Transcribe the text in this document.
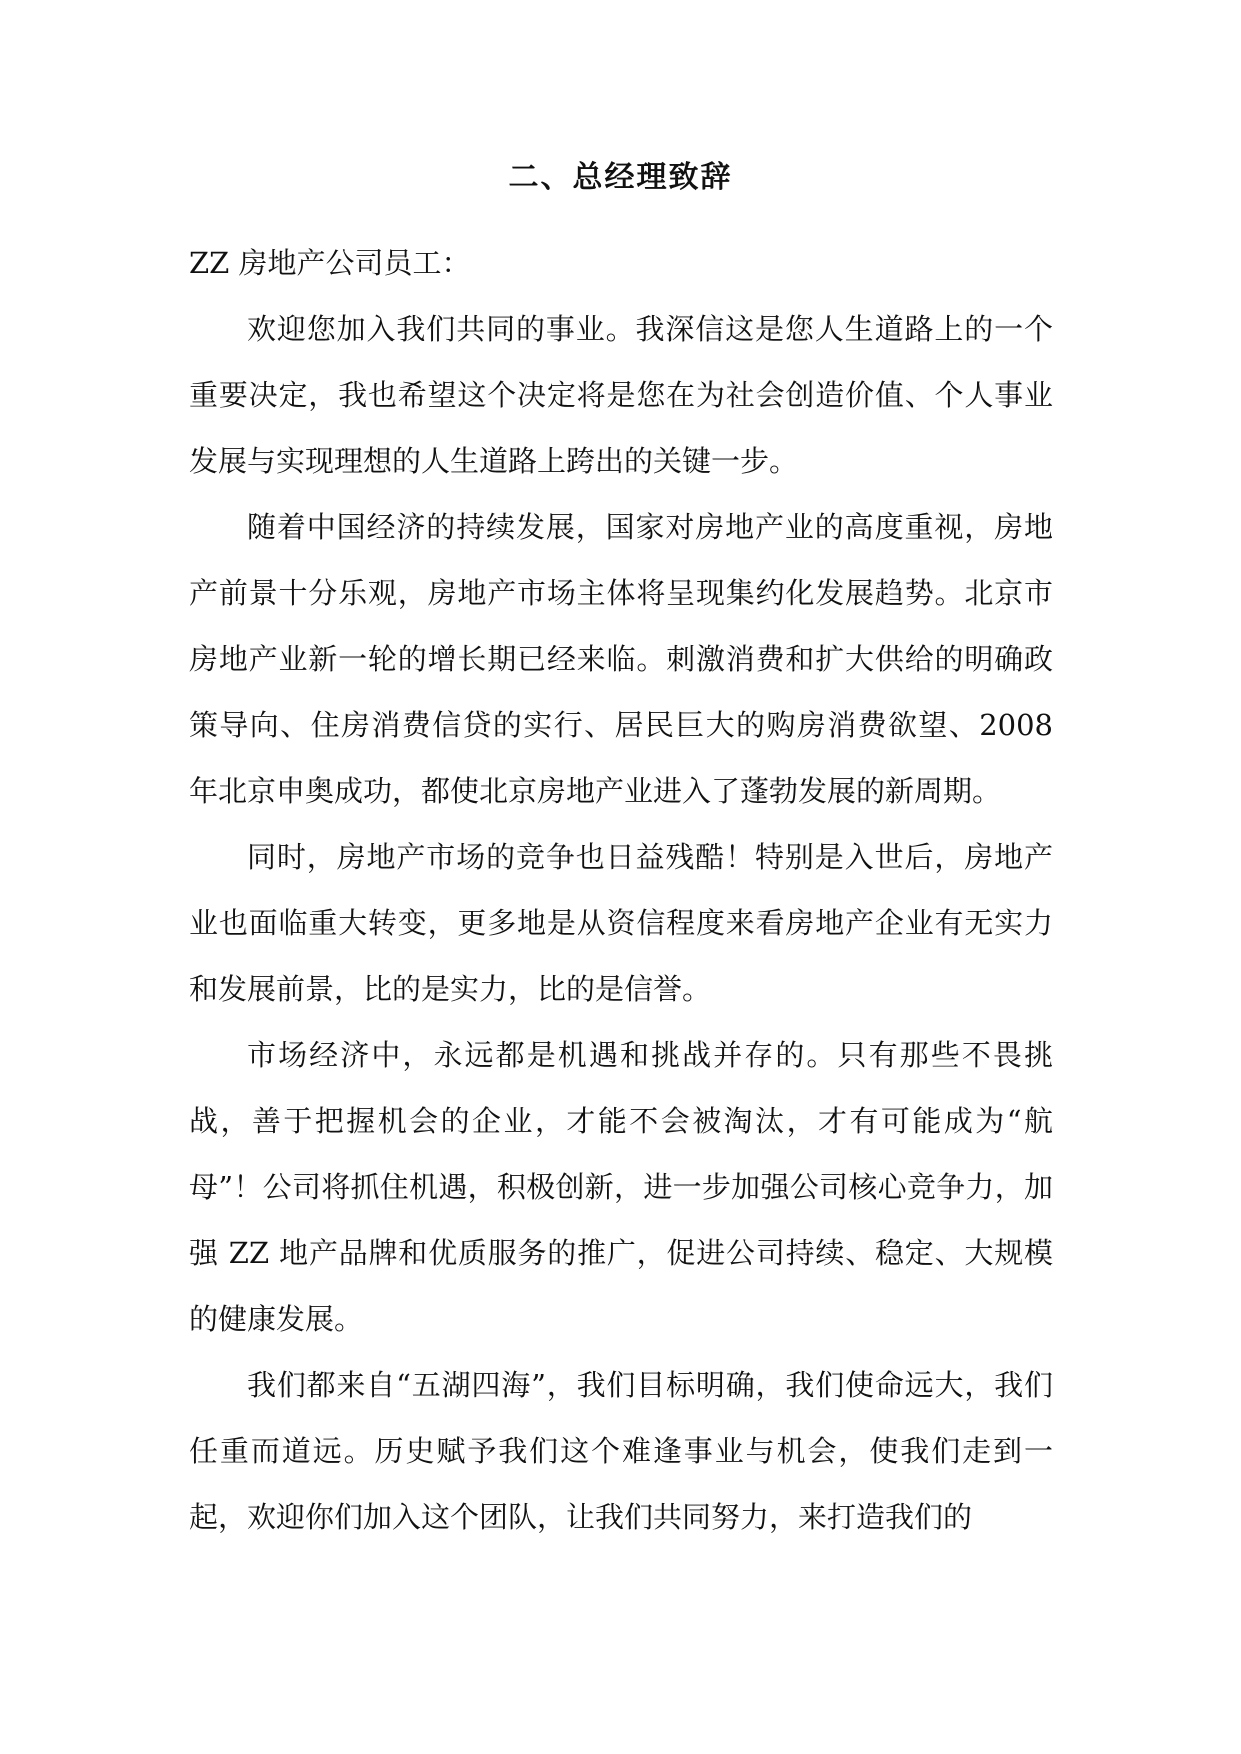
二、总经理致辞

ZZ 房地产公司员工：

欢迎您加入我们共同的事业。我深信这是您人生道路上的一个重要决定，我也希望这个决定将是您在为社会创造价值、个人事业发展与实现理想的人生道路上跨出的关键一步。

随着中国经济的持续发展，国家对房地产业的高度重视，房地产前景十分乐观，房地产市场主体将呈现集约化发展趋势。北京市房地产业新一轮的增长期已经来临。刺激消费和扩大供给的明确政策导向、住房消费信贷的实行、居民巨大的购房消费欲望、2008 年北京申奥成功，都使北京房地产业进入了蓬勃发展的新周期。

同时，房地产市场的竞争也日益残酷！特别是入世后，房地产业也面临重大转变，更多地是从资信程度来看房地产企业有无实力和发展前景，比的是实力，比的是信誉。

市场经济中，永远都是机遇和挑战并存的。只有那些不畏挑战，善于把握机会的企业，才能不会被淘汰，才有可能成为“航母”！公司将抓住机遇，积极创新，进一步加强公司核心竞争力，加强 ZZ 地产品牌和优质服务的推广，促进公司持续、稳定、大规模的健康发展。

我们都来自“五湖四海”，我们目标明确，我们使命远大，我们任重而道远。历史赋予我们这个难逢事业与机会，使我们走到一起，欢迎你们加入这个团队，让我们共同努力，来打造我们的
